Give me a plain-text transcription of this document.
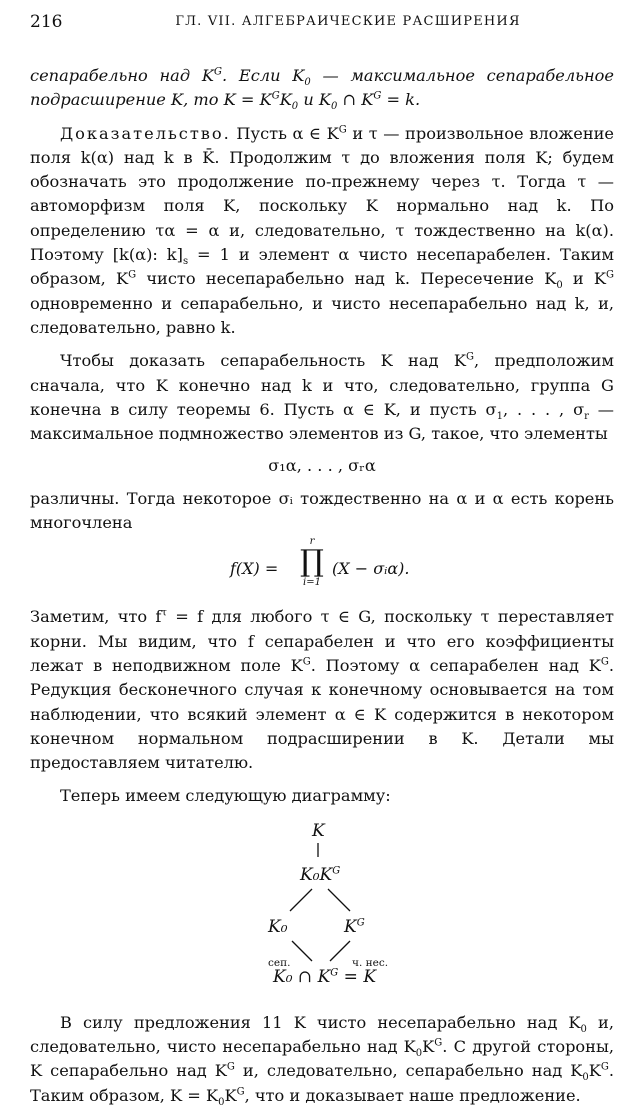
216	ГЛ. VII. АЛГЕБРАИЧЕСКИЕ РАСШИРЕНИЯ

сепарабельно над $K^G$. Если $K_0$ — максимальное сепарабельное подрасширение K, то $K = K^GK_0$ и $K_0$ ∩ $K^G = k$.

Доказательство. Пусть α ∈ $K^G$ и τ — произвольное вложение поля k(α) над k в K̄. Продолжим τ до вложения поля K; будем обозначать это продолжение по-прежнему через τ. Тогда τ — автоморфизм поля K, поскольку K нормально над k. По определению τα = α и, следовательно, τ тождественно на k(α). Поэтому [k(α): $k]_s = 1$ и элемент α чисто несепарабелен. Таким образом, $K^G$ чисто несепарабельно над k. Пересечение $K_0$ и $K^G$ одновременно и сепарабельно, и чисто несепарабельно над k, и, следовательно, равно k.

Чтобы доказать сепарабельность K над $K^G$, предположим сначала, что K конечно над k и что, следовательно, группа G конечна в силу теоремы 6. Пусть α ∈ K, и пусть $\sigma_1$, . . . , $\sigma_r$ — максимальное подмножество элементов из G, такое, что элементы

σ₁α, . . . , σᵣα

различны. Тогда некоторое σᵢ тождественно на α и α есть корень многочлена

f(X) =
r
∏
i=1
(X − σᵢα).

Заметим, что $f^\tau = f$ для любого τ ∈ G, поскольку τ переставляет корни. Мы видим, что f сепарабелен и что его коэффициенты лежат в неподвижном поле $K^G$. Поэтому α сепарабелен над $K^G$. Редукция бесконечного случая к конечному основывается на том наблюдении, что всякий элемент α ∈ K содержится в некотором конечном нормальном подрасширении в K. Детали мы предоставляем читателю.

Теперь имеем следующую диаграмму:

K
$K_0K^G$
K₀	$K^G$
сеп.	ч. нес.
K₀ ∩ $K^G = K$

В силу предложения 11 K чисто несепарабельно над $K_0$ и, следовательно, чисто несепарабельно над $K_0K^G$. С другой стороны, K сепарабельно над $K^G$ и, следовательно, сепарабельно над $K_0K^G$. Таким образом, $K = K_0K^G$, что и доказывает наше предложение.
